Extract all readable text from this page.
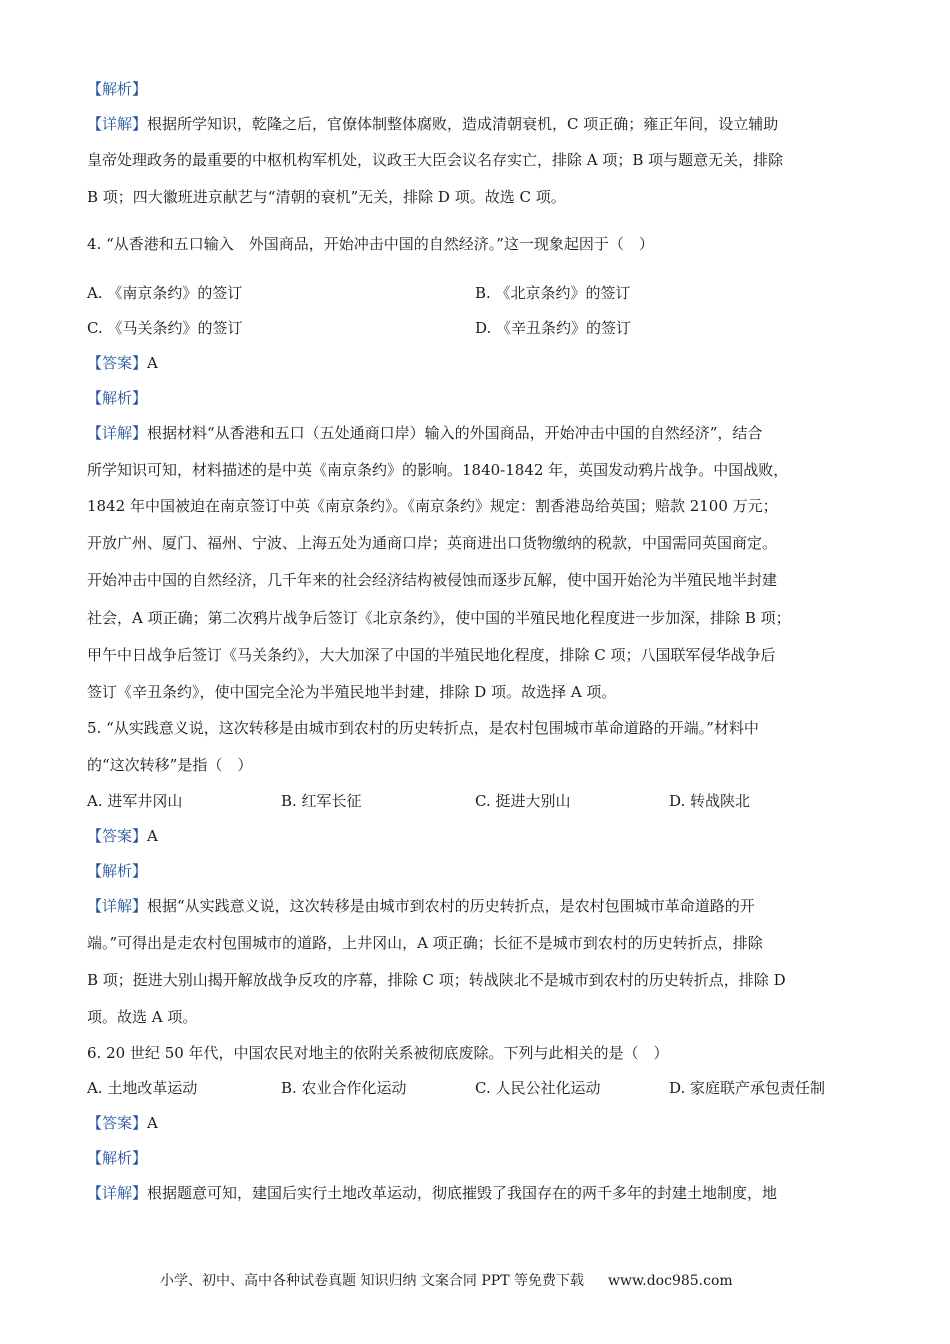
【解析】
【详解】根据所学知识，乾隆之后，官僚体制整体腐败，造成清朝衰机，C 项正确；雍正年间，设立辅助
皇帝处理政务的最重要的中枢机构军机处，议政王大臣会议名存实亡，排除 A 项；B 项与题意无关，排除
B 项；四大徽班进京献艺与“清朝的衰机”无关，排除 D 项。故选 C 项。
4. “从香港和五口输入　外国商品，开始冲击中国的自然经济。”这一现象起因于（　）
A. 《南京条约》的签订	B. 《北京条约》的签订
C. 《马关条约》的签订	D. 《辛丑条约》的签订
【答案】A
【解析】
【详解】根据材料“从香港和五口（五处通商口岸）输入的外国商品，开始冲击中国的自然经济”，结合
所学知识可知，材料描述的是中英《南京条约》的影响。1840-1842 年，英国发动鸦片战争。中国战败，
1842 年中国被迫在南京签订中英《南京条约》。《南京条约》规定：割香港岛给英国；赔款 2100 万元；
开放广州、厦门、福州、宁波、上海五处为通商口岸；英商进出口货物缴纳的税款，中国需同英国商定。
开始冲击中国的自然经济，几千年来的社会经济结构被侵蚀而逐步瓦解，使中国开始沦为半殖民地半封建
社会，A 项正确；第二次鸦片战争后签订《北京条约》，使中国的半殖民地化程度进一步加深，排除 B 项；
甲午中日战争后签订《马关条约》，大大加深了中国的半殖民地化程度，排除 C 项；八国联军侵华战争后
签订《辛丑条约》，使中国完全沦为半殖民地半封建，排除 D 项。故选择 A 项。
5. “从实践意义说，这次转移是由城市到农村的历史转折点，是农村包围城市革命道路的开端。”材料中
的“这次转移”是指（　）
A. 进军井冈山	B. 红军长征	C. 挺进大别山	D. 转战陕北
【答案】A
【解析】
【详解】根据“从实践意义说，这次转移是由城市到农村的历史转折点，是农村包围城市革命道路的开
端。”可得出是走农村包围城市的道路，上井冈山，A 项正确；长征不是城市到农村的历史转折点，排除
B 项；挺进大别山揭开解放战争反攻的序幕，排除 C 项；转战陕北不是城市到农村的历史转折点，排除 D
项。故选 A 项。
6. 20 世纪 50 年代，中国农民对地主的依附关系被彻底废除。下列与此相关的是（　）
A. 土地改革运动	B. 农业合作化运动	C. 人民公社化运动	D. 家庭联产承包责任制
【答案】A
【解析】
【详解】根据题意可知，建国后实行土地改革运动，彻底摧毁了我国存在的两千多年的封建土地制度，地
小学、初中、高中各种试卷真题 知识归纳 文案合同 PPT 等免费下载 www.doc985.com
